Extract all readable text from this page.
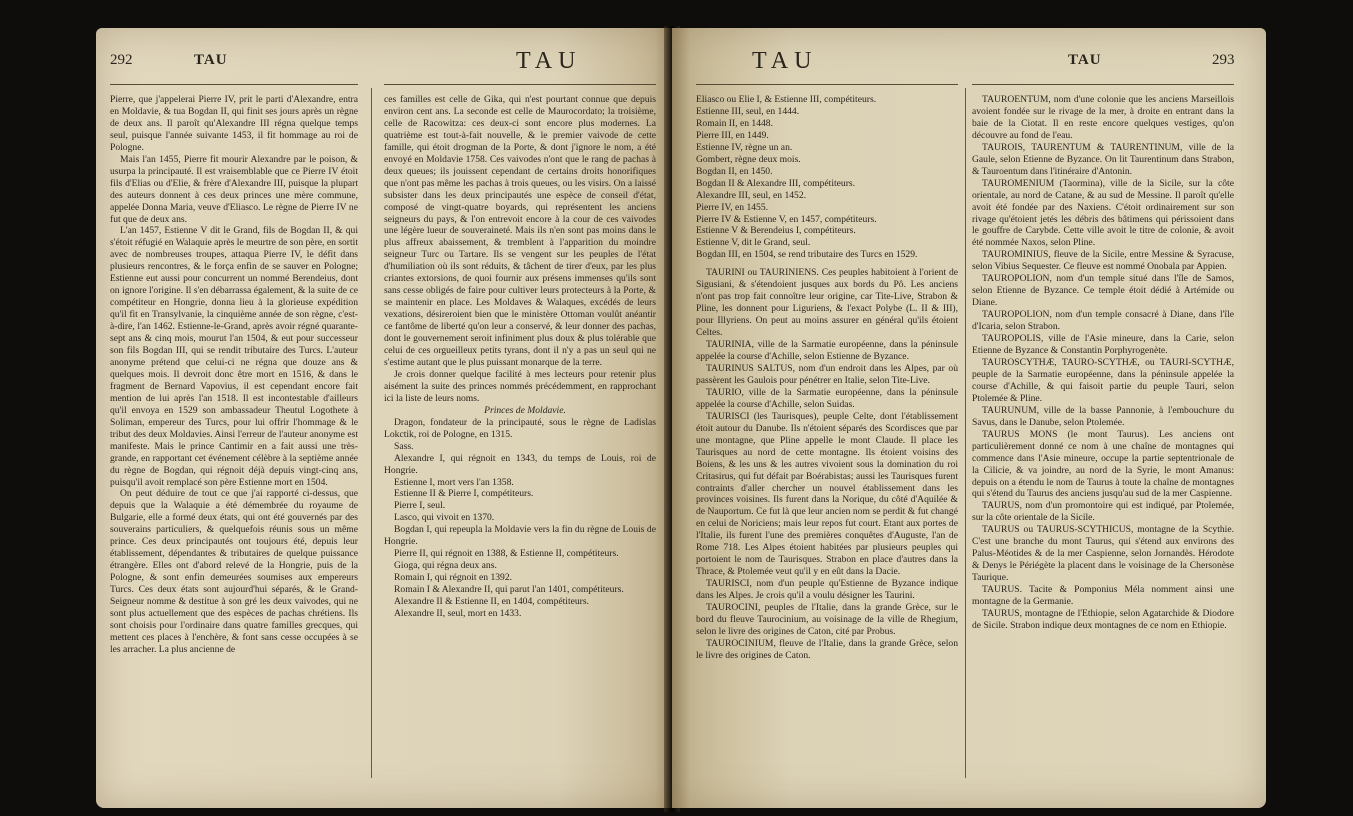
292	TAU	TAU

Pierre, que j'appelerai Pierre IV, prit le parti d'Alexandre, entra en Moldavie, & tua Bogdan II, qui finit ses jours après un règne de deux ans. Il paroît qu'Alexandre III régna quelque temps seul, puisque l'année suivante 1453, il fit hommage au roi de Pologne.

Mais l'an 1455, Pierre fit mourir Alexandre par le poison, & usurpa la principauté. Il est vraisemblable que ce Pierre IV étoit fils d'Elias ou d'Elie, & frère d'Alexandre III, puisque la plupart des auteurs donnent à ces deux princes une mère commune, appelée Donna Maria, veuve d'Eliasco. Le règne de Pierre IV ne fut que de deux ans.

L'an 1457, Estienne V dit le Grand, fils de Bogdan II, & qui s'étoit réfugié en Walaquie après le meurtre de son père, en sortit avec de nombreuses troupes, attaqua Pierre IV, le défit dans plusieurs rencontres, & le força enfin de se sauver en Pologne; Estienne eut aussi pour concurrent un nommé Berendeius, dont on ignore l'origine. Il s'en débarrassa également, & la suite de ce compétiteur en Hongrie, donna lieu à la glorieuse expédition qu'il fit en Transylvanie, la cinquième année de son règne, c'est-à-dire, l'an 1462. Estienne-le-Grand, après avoir régné quarante-sept ans & cinq mois, mourut l'an 1504, & eut pour successeur son fils Bogdan III, qui se rendit tributaire des Turcs. L'auteur anonyme prétend que celui-ci ne régna que douze ans & quelques mois. Il devroit donc être mort en 1516, & dans le fragment de Bernard Vapovius, il est cependant encore fait mention de lui après l'an 1518. Il est incontestable d'ailleurs qu'il envoya en 1529 son ambassadeur Theutul Logothete à Soliman, empereur des Turcs, pour lui offrir l'hommage & le tribut des deux Moldavies. Ainsi l'erreur de l'auteur anonyme est manifeste. Mais le prince Cantimir en a fait aussi une très-grande, en rapportant cet événement célèbre à la septième année du règne de Bogdan, qui régnoit déjà depuis vingt-cinq ans, puisqu'il avoit remplacé son père Estienne mort en 1504.

On peut déduire de tout ce que j'ai rapporté ci-dessus, que depuis que la Walaquie a été démembrée du royaume de Bulgarie, elle a formé deux états, qui ont été gouvernés par des souverains particuliers, & quelquefois réunis sous un même prince. Ces deux principautés ont toujours été, depuis leur établissement, dépendantes & tributaires de quelque puissance étrangère. Elles ont d'abord relevé de la Hongrie, puis de la Pologne, & sont enfin demeurées soumises aux empereurs Turcs. Ces deux états sont aujourd'hui séparés, & le Grand-Seigneur nomme & destitue à son gré les deux vaivodes, qui ne sont plus actuellement que des espèces de pachas chrétiens. Ils sont choisis pour l'ordinaire dans quatre familles grecques, qui mettent ces places à l'enchère, & font sans cesse occupées à se les arracher. La plus ancienne de

ces familles est celle de Gika, qui n'est pourtant connue que depuis environ cent ans. La seconde est celle de Maurocordato; la troisième, celle de Racowitza: ces deux-ci sont encore plus modernes. La quatrième est tout-à-fait nouvelle, & le premier vaivode de cette famille, qui étoit drogman de la Porte, & dont j'ignore le nom, a été envoyé en Moldavie 1758. Ces vaivodes n'ont que le rang de pachas à deux queues; ils jouissent cependant de certains droits honorifiques que n'ont pas même les pachas à trois queues, ou les visirs. On a laissé subsister dans les deux principautés une espèce de conseil d'état, composé de vingt-quatre boyards, qui représentent les anciens seigneurs du pays, & l'on entrevoit encore à la cour de ces vaivodes une légère lueur de souveraineté. Mais ils n'en sont pas moins dans le plus affreux abaissement, & tremblent à l'apparition du moindre seigneur Turc ou Tartare. Ils se vengent sur les peuples de l'état d'humiliation où ils sont réduits, & tâchent de tirer d'eux, par les plus criantes extorsions, de quoi fournir aux présens immenses qu'ils sont sans cesse obligés de faire pour cultiver leurs protecteurs à la Porte, & se maintenir en place. Les Moldaves & Walaques, excédés de leurs vexations, désireroient bien que le ministère Ottoman voulût anéantir ce fantôme de liberté qu'on leur a conservé, & leur donner des pachas, dont le gouvernement seroit infiniment plus doux & plus tolérable que celui de ces orgueilleux petits tyrans, dont il n'y a pas un seul qui ne s'estime autant que le plus puissant monarque de la terre.

Je crois donner quelque facilité à mes lecteurs pour retenir plus aisément la suite des princes nommés précédemment, en rapprochant ici la liste de leurs noms.

Princes de Moldavie.

Dragon, fondateur de la principauté, sous le règne de Ladislas Lokctik, roi de Pologne, en 1315.

Sass.

Alexandre I, qui régnoit en 1343, du temps de Louis, roi de Hongrie.

Estienne I, mort vers l'an 1358.

Estienne II & Pierre I, compétiteurs.

Pierre I, seul.

Lasco, qui vivoit en 1370.

Bogdan I, qui repeupla la Moldavie vers la fin du règne de Louis de Hongrie.

Pierre II, qui régnoit en 1388, & Estienne II, compétiteurs.

Gioga, qui régna deux ans.

Romain I, qui régnoit en 1392.

Romain I & Alexandre II, qui parut l'an 1401, compétiteurs.

Alexandre II & Estienne II, en 1404, compétiteurs.

Alexandre II, seul, mort en 1433.

TAU	TAU	293

Eliasco ou Elie I, & Estienne III, compétiteurs.

Estienne III, seul, en 1444.

Romain II, en 1448.

Pierre III, en 1449.

Estienne IV, règne un an.

Gombert, règne deux mois.

Bogdan II, en 1450.

Bogdan II & Alexandre III, compétiteurs.

Alexandre III, seul, en 1452.

Pierre IV, en 1455.

Pierre IV & Estienne V, en 1457, compétiteurs.

Estienne V & Berendeius I, compétiteurs.

Estienne V, dit le Grand, seul.

Bogdan III, en 1504, se rend tributaire des Turcs en 1529.

TAURINI ou TAURINIENS. Ces peuples habitoient à l'orient de Sigusiani, & s'étendoient jusques aux bords du Pô. Les anciens n'ont pas trop fait connoître leur origine, car Tite-Live, Strabon & Pline, les donnent pour Liguriens, & l'exact Polybe (L. II & III), pour Illyriens. On peut au moins assurer en général qu'ils étoient Celtes.

TAURINIA, ville de la Sarmatie européenne, dans la péninsule appelée la course d'Achille, selon Estienne de Byzance.

TAURINUS SALTUS, nom d'un endroit dans les Alpes, par où passèrent les Gaulois pour pénétrer en Italie, selon Tite-Live.

TAURIO, ville de la Sarmatie européenne, dans la péninsule appelée la course d'Achille, selon Suidas.

TAURISCI (les Taurisques), peuple Celte, dont l'établissement étoit autour du Danube. Ils n'étoient séparés des Scordisces que par une montagne, que Pline appelle le mont Claude. Il place les Taurisques au nord de cette montagne. Ils étoient voisins des Boiens, & les uns & les autres vivoient sous la domination du roi Critasirus, qui fut défait par Boérabistas; aussi les Taurisques furent contraints d'aller chercher un nouvel établissement dans les provinces voisines. Ils furent dans la Norique, du côté d'Aquilée & de Nauportum. Ce fut là que leur ancien nom se perdit & fut changé en celui de Noriciens; mais leur repos fut court. Etant aux portes de l'Italie, ils furent l'une des premières conquêtes d'Auguste, l'an de Rome 718. Les Alpes étoient habitées par plusieurs peuples qui portoient le nom de Taurisques. Strabon en place d'autres dans la Thrace, & Ptolemée veut qu'il y en eût dans la Dacie.

TAURISCI, nom d'un peuple qu'Estienne de Byzance indique dans les Alpes. Je crois qu'il a voulu désigner les Taurini.

TAUROCINI, peuples de l'Italie, dans la grande Grèce, sur le bord du fleuve Taurocinium, au voisinage de la ville de Rhegium, selon le livre des origines de Caton, cité par Probus.

TAUROCINIUM, fleuve de l'Italie, dans la grande Grèce, selon le livre des origines de Caton.

TAUROENTUM, nom d'une colonie que les anciens Marseillois avoient fondée sur le rivage de la mer, à droite en entrant dans la baie de la Ciotat. Il en reste encore quelques vestiges, qu'on découvre au fond de l'eau.

TAUROIS, TAURENTUM & TAURENTINUM, ville de la Gaule, selon Etienne de Byzance. On lit Taurentinum dans Strabon, & Tauroentum dans l'itinéraire d'Antonin.

TAUROMENIUM (Taormina), ville de la Sicile, sur la côte orientale, au nord de Catane, & au sud de Messine. Il paroît qu'elle avoit été fondée par des Naxiens. C'étoit ordinairement sur son rivage qu'étoient jetés les débris des bâtimens qui périssoient dans le gouffre de Carybde. Cette ville avoit le titre de colonie, & avoit été nommée Naxos, selon Pline.

TAUROMINIUS, fleuve de la Sicile, entre Messine & Syracuse, selon Vibius Sequester. Ce fleuve est nommé Onobala par Appien.

TAUROPOLION, nom d'un temple situé dans l'île de Samos, selon Etienne de Byzance. Ce temple étoit dédié à Artémide ou Diane.

TAUROPOLION, nom d'un temple consacré à Diane, dans l'île d'Icaria, selon Strabon.

TAUROPOLIS, ville de l'Asie mineure, dans la Carie, selon Etienne de Byzance & Constantin Porphyrogenète.

TAUROSCYTHÆ, TAURO-SCYTHÆ, ou TAURI-SCYTHÆ, peuple de la Sarmatie européenne, dans la péninsule appelée la course d'Achille, & qui faisoit partie du peuple Tauri, selon Ptolemée & Pline.

TAURUNUM, ville de la basse Pannonie, à l'embouchure du Savus, dans le Danube, selon Ptolemée.

TAURUS MONS (le mont Taurus). Les anciens ont particulièrement donné ce nom à une chaîne de montagnes qui commence dans l'Asie mineure, occupe la partie septentrionale de la Cilicie, & va joindre, au nord de la Syrie, le mont Amanus: depuis on a étendu le nom de Taurus à toute la chaîne de montagnes qui s'étend du Taurus des anciens jusqu'au sud de la mer Caspienne.

TAURUS, nom d'un promontoire qui est indiqué, par Ptolemée, sur la côte orientale de la Sicile.

TAURUS ou TAURUS-SCYTHICUS, montagne de la Scythie. C'est une branche du mont Taurus, qui s'étend aux environs des Palus-Méotides & de la mer Caspienne, selon Jornandès. Hérodote & Denys le Périégète la placent dans le voisinage de la Chersonèse Taurique.

TAURUS. Tacite & Pomponius Méla nomment ainsi une montagne de la Germanie.

TAURUS, montagne de l'Ethiopie, selon Agatarchide & Diodore de Sicile. Strabon indique deux montagnes de ce nom en Ethiopie.
